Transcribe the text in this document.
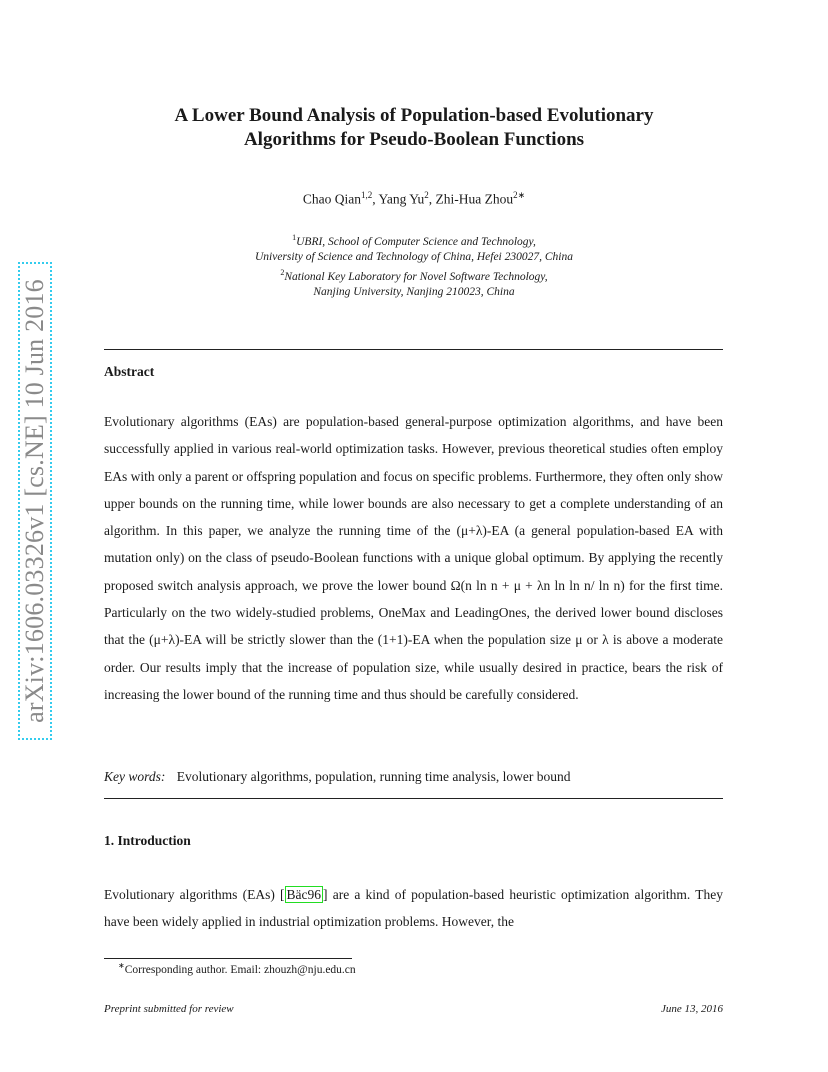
arXiv:1606.03326v1 [cs.NE] 10 Jun 2016
A Lower Bound Analysis of Population-based Evolutionary
Algorithms for Pseudo-Boolean Functions
Chao Qian$^{1,2}$, Yang Yu$^2$, Zhi-Hua Zhou$^{2∗}$
$^1$UBRI, School of Computer Science and Technology,
University of Science and Technology of China, Hefei 230027, China
$^2$National Key Laboratory for Novel Software Technology,
Nanjing University, Nanjing 210023, China
Abstract

Evolutionary algorithms (EAs) are population-based general-purpose optimization algorithms, and have been successfully applied in various real-world optimization tasks. However, previous theoretical studies often employ EAs with only a parent or offspring population and focus on specific problems. Furthermore, they often only show upper bounds on the running time, while lower bounds are also necessary to get a complete understanding of an algorithm. In this paper, we analyze the running time of the (μ+λ)-EA (a general population-based EA with mutation only) on the class of pseudo-Boolean functions with a unique global optimum. By applying the recently proposed switch analysis approach, we prove the lower bound Ω(n ln n + μ + λn ln ln n/ ln n) for the first time. Particularly on the two widely-studied problems, OneMax and LeadingOnes, the derived lower bound discloses that the (μ+λ)-EA will be strictly slower than the (1+1)-EA when the population size μ or λ is above a moderate order. Our results imply that the increase of population size, while usually desired in practice, bears the risk of increasing the lower bound of the running time and thus should be carefully considered.

Key words: Evolutionary algorithms, population, running time analysis, lower bound
1. Introduction

Evolutionary algorithms (EAs) [ Bäc96 ] are a kind of population-based heuristic optimization algorithm. They have been widely applied in industrial optimization problems. However, the

∗Corresponding author. Email: zhouzh@nju.edu.cn
Preprint submitted for review	June 13, 2016
